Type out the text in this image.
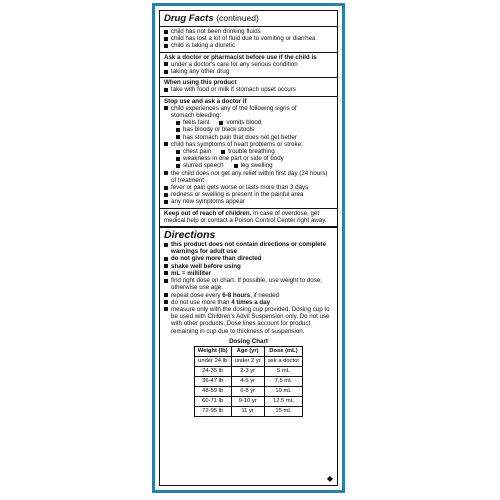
Drug Facts (continued)
child has not been drinking fluids
child has lost a lot of fluid due to vomiting or diarrhea
child is taking a diuretic
Ask a doctor or pharmacist before use if the child is
under a doctor's care for any serious condition
taking any other drug
When using this product
take with food or milk if stomach upset occurs
Stop use and ask a doctor if
child experiences any of the following signs of
stomach bleeding:
feels faint	vomits blood
has bloody or black stools
has stomach pain that does not get better
child has symptoms of heart problems or stroke:
chest pain	trouble breathing
weakness in one part or side of body
slurred speech	leg swelling
the child does not get any relief within first day (24 hours)
of treatment
fever or pain gets worse or lasts more than 3 days
redness or swelling is present in the painful area
any new symptoms appear
Keep out of reach of children. In case of overdose, get medical help or contact a Poison Control Center right away.
Directions
this product does not contain directions or complete warnings for adult use
do not give more than directed
shake well before using
mL = milliliter
find right dose on chart. If possible, use weight to dose; otherwise use age.
repeat dose every 6-8 hours, if needed
do not use more than 4 times a day
measure only with the dosing cup provided. Dosing cup to be used with Children's Advil Suspension only. Do not use with other products. Dose lines account for product remaining in cup due to thickness of suspension.
Dosing Chart
Weight (lb)	Age (yr)	Dose (mL)
under 24 lb	under 2 yr	ask a doctor
24-35 lb	2-3 yr	5 mL
36-47 lb	4-5 yr	7.5 mL
48-59 lb	6-8 yr	10 mL
60-71 lb	9-10 yr	12.5 mL
72-95 lb	11 yr	15 mL
◆
